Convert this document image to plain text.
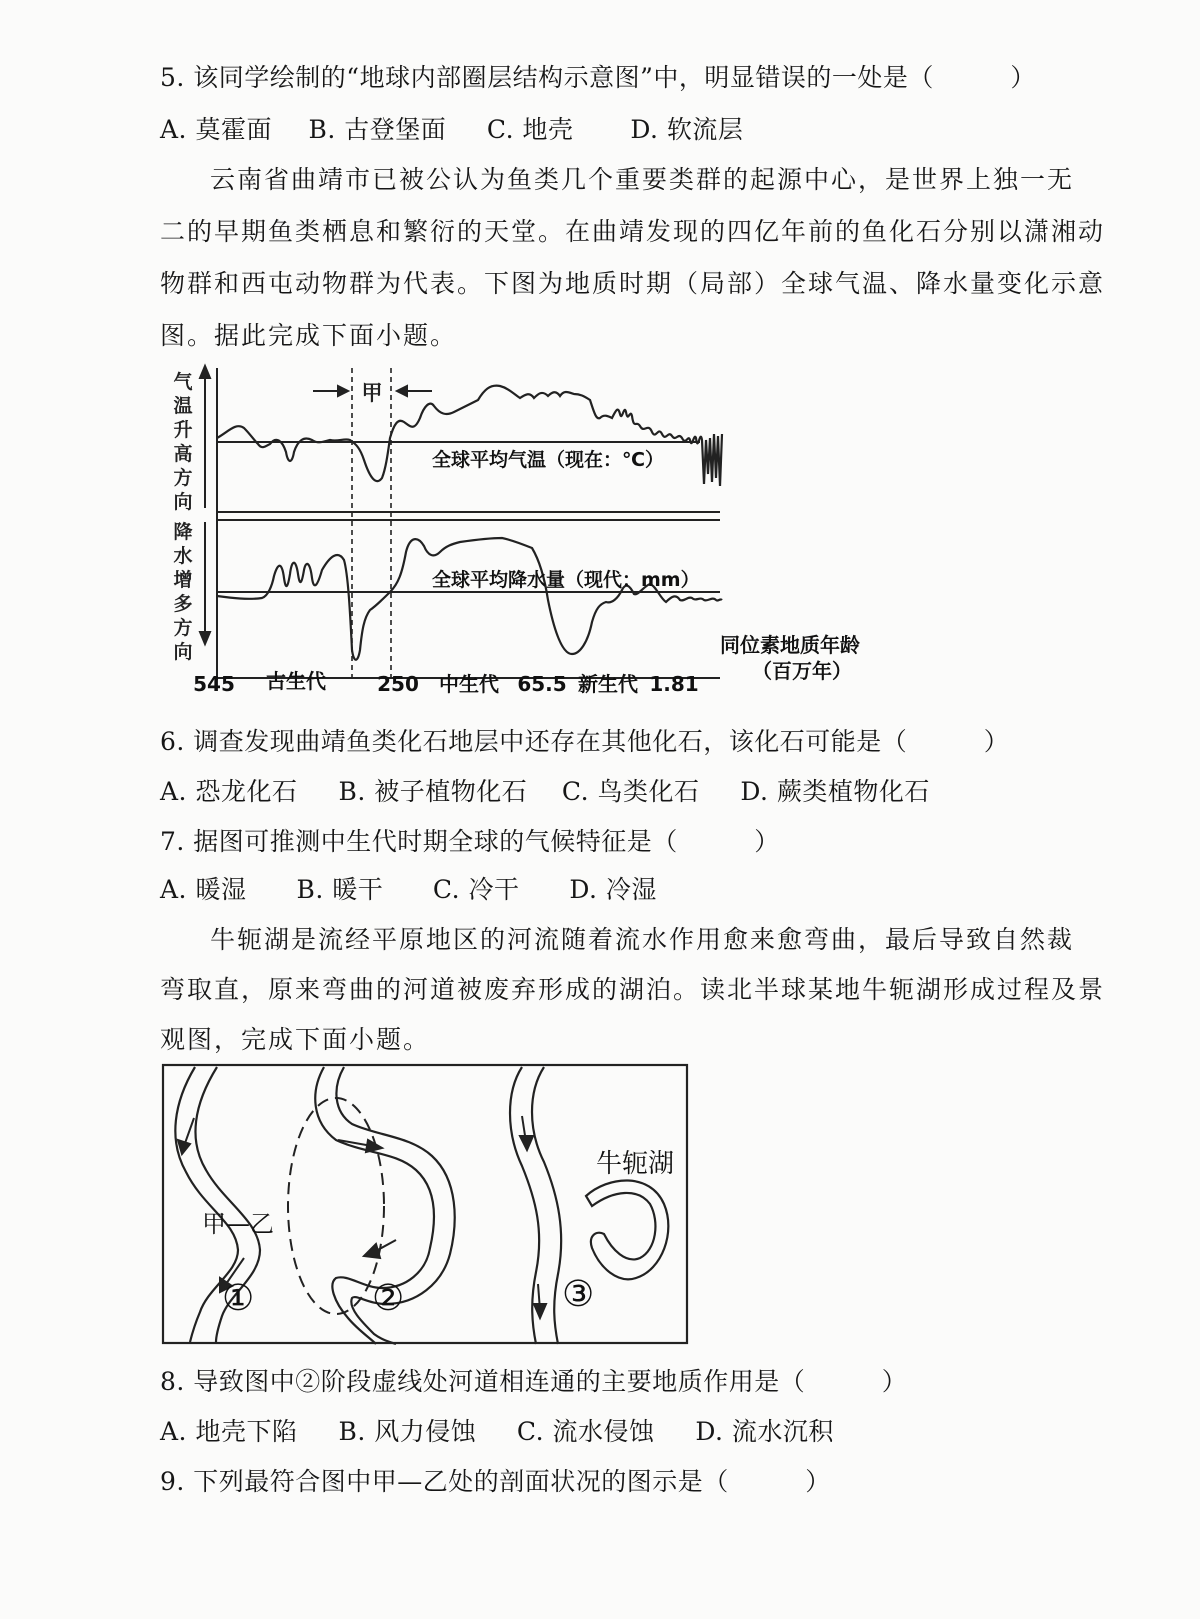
5. 该同学绘制的“地球内部圈层结构示意图”中，明显错误的一处是（　　　）
A. 莫霍面 B. 古登堡面 C. 地壳 D. 软流层
云南省曲靖市已被公认为鱼类几个重要类群的起源中心，是世界上独一无
二的早期鱼类栖息和繁衍的天堂。在曲靖发现的四亿年前的鱼化石分别以潇湘动
物群和西屯动物群为代表。下图为地质时期（局部）全球气温、降水量变化示意
图。据此完成下面小题。
气
温
升
高
方
向
降
水
增
多
方
向
甲
全球平均气温（现在：℃）
全球平均降水量（现代：mm）
同位素地质年龄
（百万年）
545 古生代	250 中生代 65.5 新生代 1.81
6. 调查发现曲靖鱼类化石地层中还存在其他化石，该化石可能是（　　　）
A. 恐龙化石 B. 被子植物化石 C. 鸟类化石 D. 蕨类植物化石
7. 据图可推测中生代时期全球的气候特征是（　　　）
A. 暖湿 B. 暖干 C. 冷干 D. 冷湿
牛轭湖是流经平原地区的河流随着流水作用愈来愈弯曲，最后导致自然裁
弯取直，原来弯曲的河道被废弃形成的湖泊。读北半球某地牛轭湖形成过程及景
观图，完成下面小题。
甲—乙
①	②
牛轭湖
③
8. 导致图中②阶段虚线处河道相连通的主要地质作用是（　　　）
A. 地壳下陷 B. 风力侵蚀 C. 流水侵蚀 D. 流水沉积
9. 下列最符合图中甲—乙处的剖面状况的图示是（　　　）
